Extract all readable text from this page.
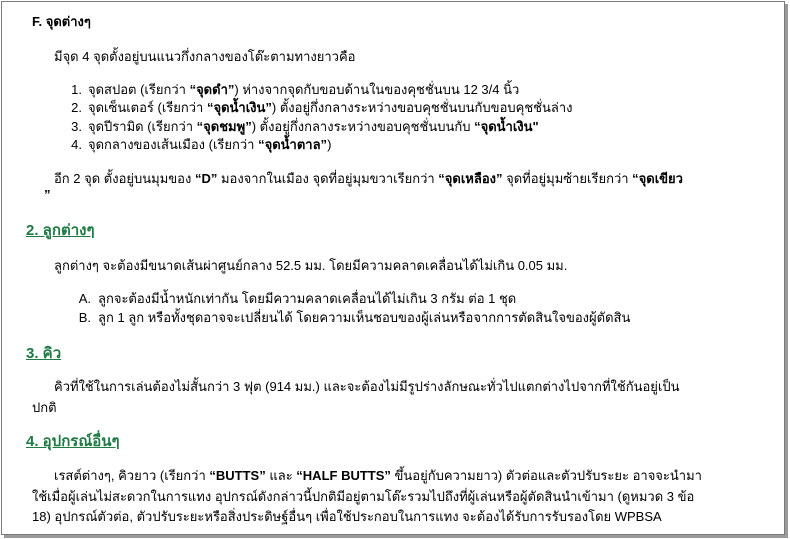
F. จุดต่างๆ
มีจุด 4 จุดตั้งอยู่บนแนวกึ่งกลางของโต๊ะตามทางยาวคือ
1. จุดสปอต (เรียกว่า “จุดดำ”) ห่างจากจุดกับขอบด้านในของคุชชั่นบน 12 3/4 นิ้ว
2. จุดเซ็นเตอร์ (เรียกว่า “จุดน้ำเงิน”) ตั้งอยู่กึ่งกลางระหว่างขอบคุชชั่นบนกับขอบคุชชั่นล่าง
3. จุดปีรามิด (เรียกว่า “จุดชมพู”) ตั้งอยู่กึ่งกลางระหว่างขอบคุชชั่นบนกับ “จุดน้ำเงิน"
4. จุดกลางของเส้นเมือง (เรียกว่า “จุดน้ำตาล”)
อีก 2 จุด ตั้งอยู่บนมุมของ “D” มองจากในเมือง จุดที่อยู่มุมขวาเรียกว่า “จุดเหลือง” จุดที่อยู่มุมซ้ายเรียกว่า “จุดเขียว
”
2. ลูกต่างๆ
ลูกต่างๆ จะต้องมีขนาดเส้นผ่าศูนย์กลาง 52.5 มม. โดยมีความคลาดเคลื่อนได้ไม่เกิน 0.05 มม.
A. ลูกจะต้องมีน้ำหนักเท่ากัน โดยมีความคลาดเคลื่อนได้ไม่เกิน 3 กรัม ต่อ 1 ชุด
B. ลูก 1 ลูก หรือทั้งชุดอาจจะเปลี่ยนได้ โดยความเห็นชอบของผู้เล่นหรือจากการตัดสินใจของผู้ตัดสิน
3. คิว
คิวที่ใช้ในการเล่นต้องไม่สั้นกว่า 3 ฟุต (914 มม.) และจะต้องไม่มีรูปร่างลักษณะทั่วไปแตกต่างไปจากที่ใช้กันอยู่เป็น
ปกติ
4. อุปกรณ์อื่นๆ
เรสต์ต่างๆ, คิวยาว (เรียกว่า “BUTTS” และ “HALF BUTTS” ขึ้นอยู่กับความยาว) ตัวต่อและตัวปรับระยะ อาจจะนำมา
ใช้เมื่อผู้เล่นไม่สะดวกในการแทง อุปกรณ์ดังกล่าวนี้ปกติมีอยู่ตามโต๊ะรวมไปถึงที่ผู้เล่นหรือผู้ตัดสินนำเข้ามา (ดูหมวด 3 ข้อ
18) อุปกรณ์ตัวต่อ, ตัวปรับระยะหรือสิ่งประดิษฐ์อื่นๆ เพื่อใช้ประกอบในการแทง จะต้องได้รับการรับรองโดย WPBSA
